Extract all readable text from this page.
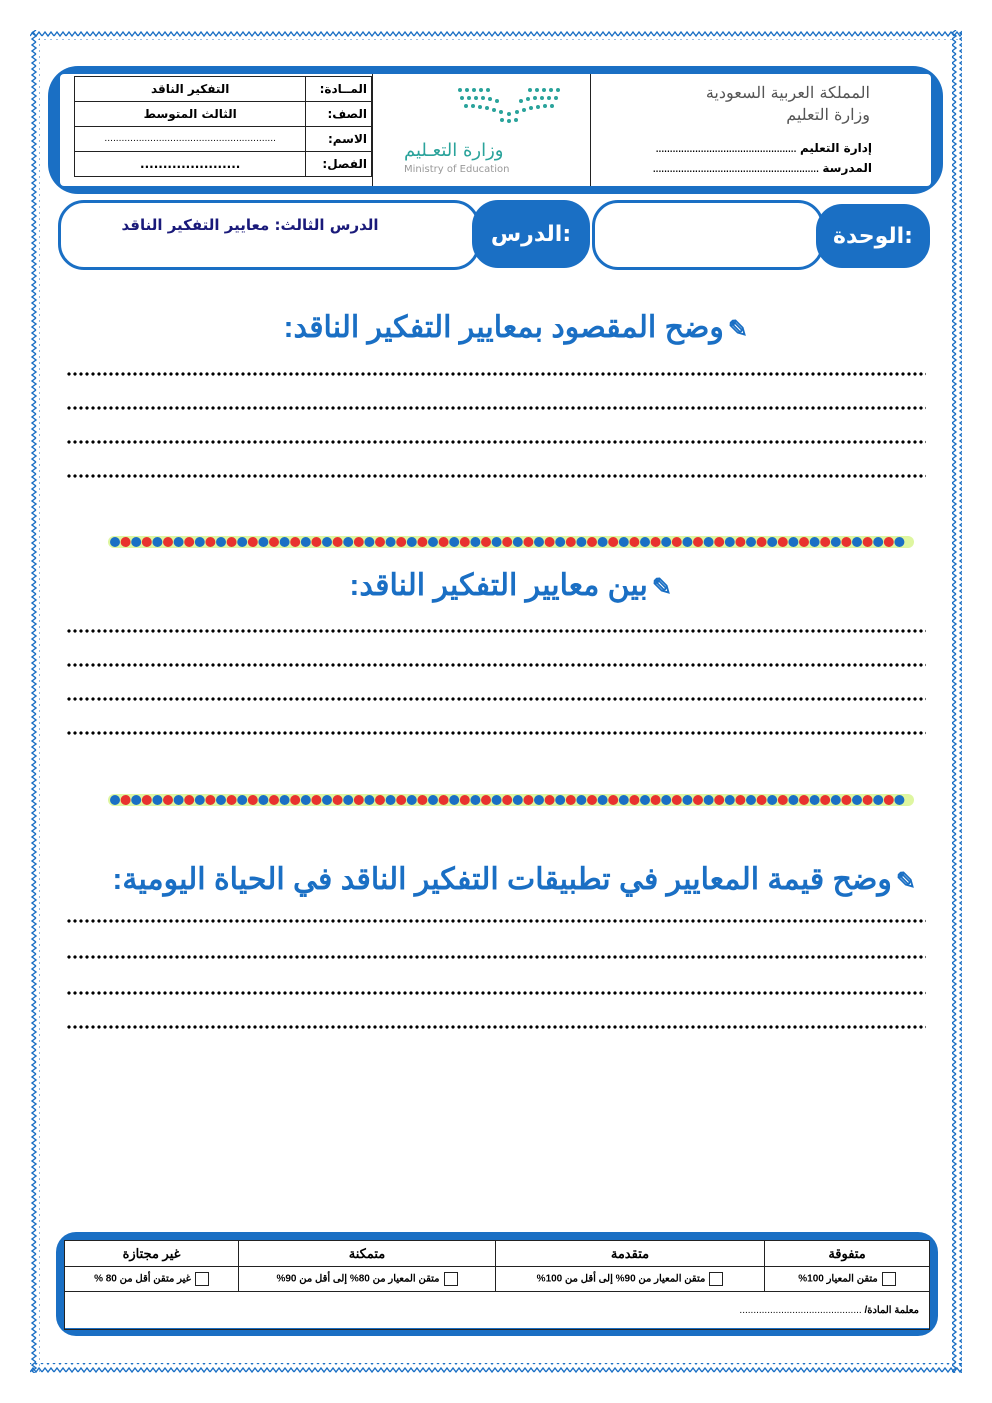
المــادة:	التفكير الناقد
الصف:	الثالث المتوسط
الاسم:	............................................................
الفصل:	......................
وزارة التعـليم
Ministry of Education
المملكة العربية السعودية
وزارة التعليم
إدارة التعليم
..................................................
المدرسة
...........................................................
الدرس الثالث: معايير التفكير الناقد	الدرس:	الوحدة:
✎وضح المقصود بمعايير التفكير الناقد:
✎بين معايير التفكير الناقد:
✎وضح قيمة المعايير في تطبيقات التفكير الناقد في الحياة اليومية:
متفوقة	متقدمة	متمكنة	غير مجتازة
متقن المعيار 100%	متقن المعيار من 90% إلى أقل من 100%	متقن المعيار من 80% إلى أقل من 90%	غير متقن أقل من 80 %
معلمة المادة/ ............................................			
